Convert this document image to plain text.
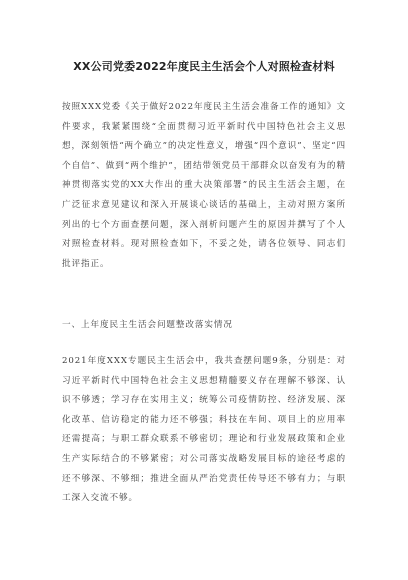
XX公司党委2022年度民主生活会个人对照检查材料
按照XXX党委《关于做好2022年度民主生活会准备工作的通知》文件要求，我紧紧围绕“全面贯彻习近平新时代中国特色社会主义思想，深刻领悟“两个确立”的决定性意义，增强“四个意识”、坚定“四个自信”、做到“两个维护”，团结带领党员干部群众以奋发有为的精神贯彻落实党的XX大作出的重大决策部署”的民主生活会主题，在广泛征求意见建议和深入开展谈心谈话的基础上，主动对照方案所列出的七个方面查摆问题，深入剖析问题产生的原因并撰写了个人对照检查材料。现对照检查如下，不妥之处，请各位领导、同志们批评指正。
一、上年度民主生活会问题整改落实情况
2021年度XXX专题民主生活会中，我共查摆问题9条，分别是：对习近平新时代中国特色社会主义思想精髓要义存在理解不够深、认识不够透；学习存在实用主义；统筹公司疫情防控、经济发展、深化改革、信访稳定的能力还不够强；科技在车间、项目上的应用率还需提高；与职工群众联系不够密切；理论和行业发展政策和企业生产实际结合的不够紧密；对公司落实战略发展目标的途径考虑的还不够深、不够细；推进全面从严治党责任传导还不够有力；与职工深入交流不够。
